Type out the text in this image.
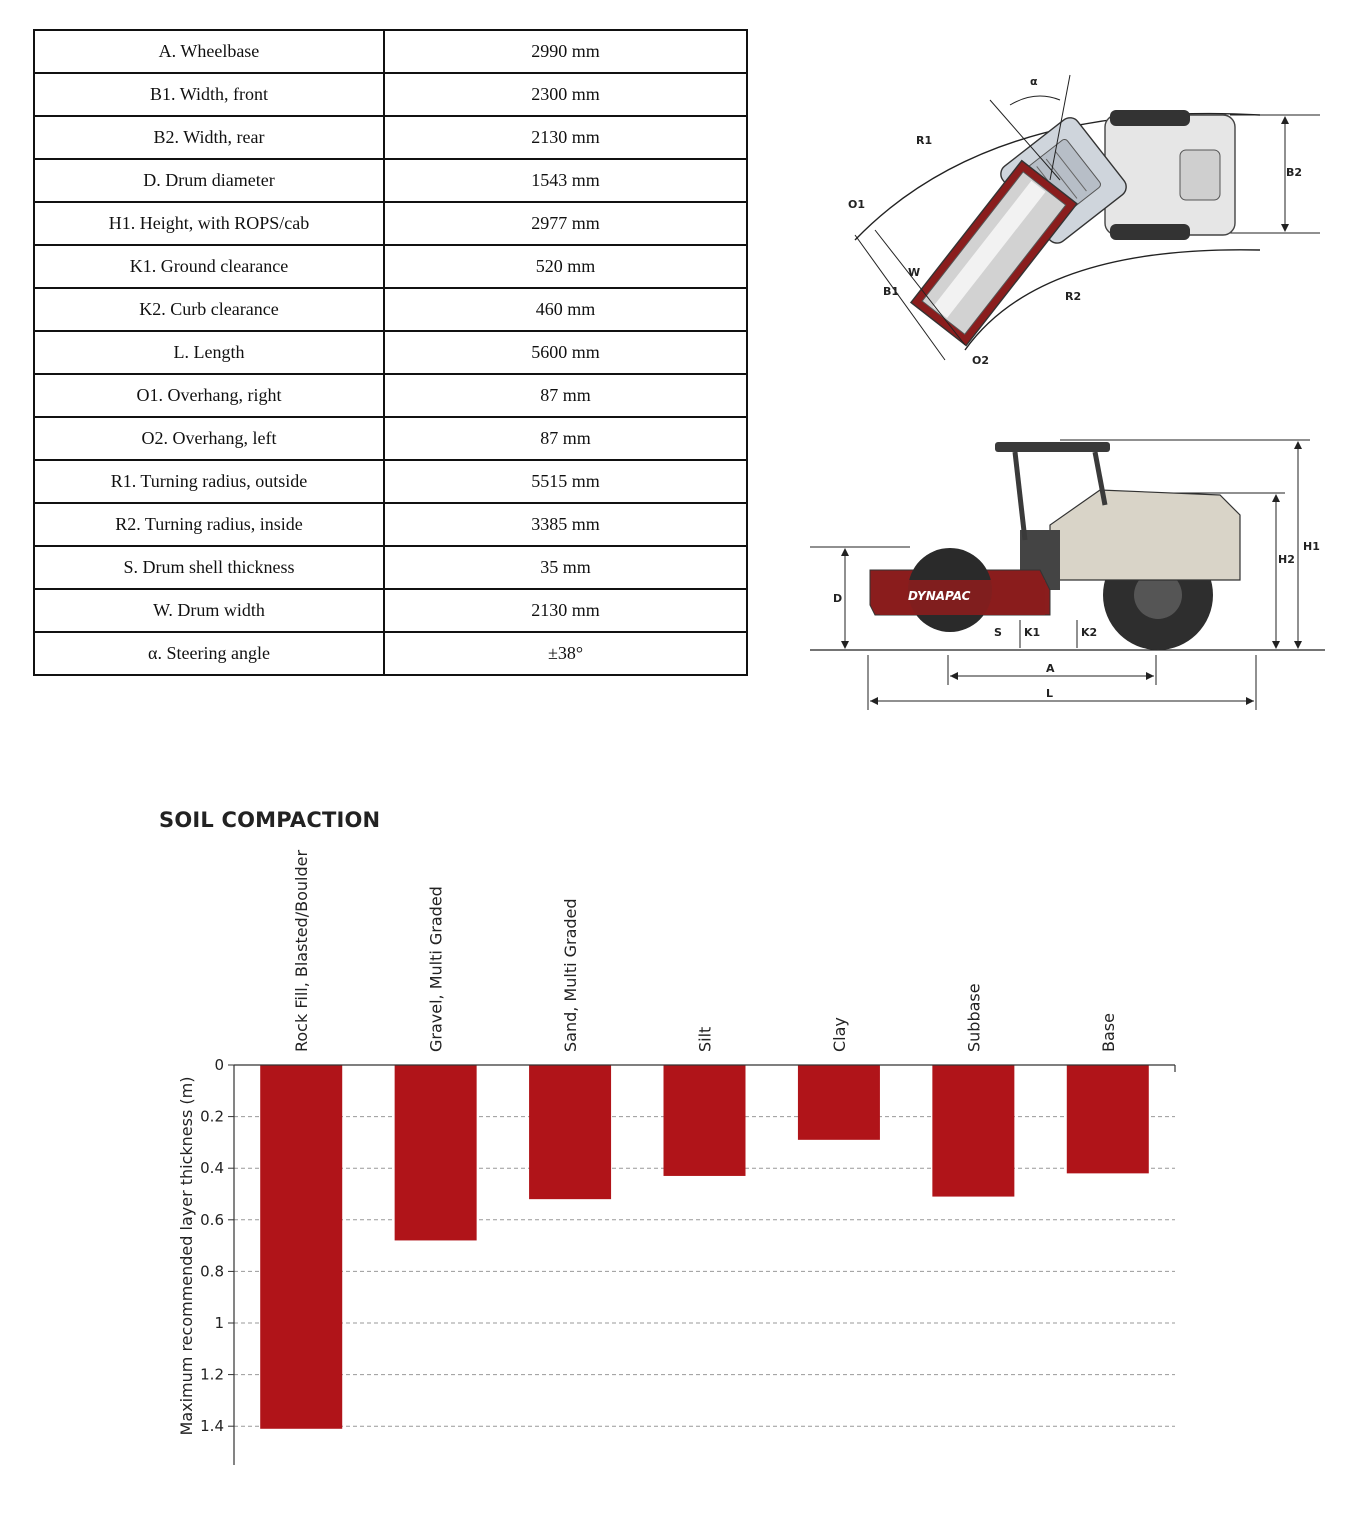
A. Wheelbase	2990 mm
B1. Width, front	2300 mm
B2. Width, rear	2130 mm
D. Drum diameter	1543 mm
H1. Height, with ROPS/cab	2977 mm
K1. Ground clearance	520 mm
K2. Curb clearance	460 mm
L. Length	5600 mm
O1. Overhang, right	87 mm
O2. Overhang, left	87 mm
R1. Turning radius, outside	5515 mm
R2. Turning radius, inside	3385 mm
S. Drum shell thickness	35 mm
W. Drum width	2130 mm
α. Steering angle	±38°
α
R1
R2
B1
B2
W
O1
O2
DYNAPAC
D
S K1	K2
A
L
H1
H2
SOIL COMPACTION
0
0.2
0.4
0.6
0.8
1
1.2
1.4
Rock Fill, Blasted/Boulder	Gravel, Multi Graded	Sand, Multi Graded	Silt	Clay	Subbase	Base
Maximum recommended layer thickness (m)
